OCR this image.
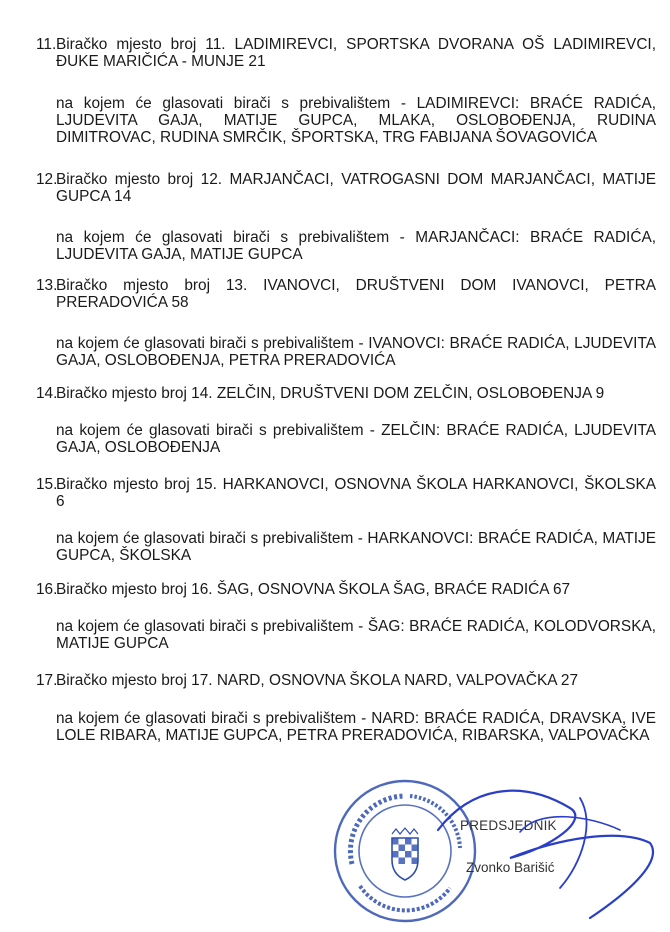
11.Biračko mjesto broj 11. LADIMIREVCI, SPORTSKA DVORANA OŠ LADIMIREVCI, ĐUKE MARIČIĆA - MUNJE 21

na kojem će glasovati birači s prebivalištem - LADIMIREVCI: BRAĆE RADIĆA, LJUDEVITA GAJA, MATIJE GUPCA, MLAKA, OSLOBOĐENJA, RUDINA DIMITROVAC, RUDINA SMRČIK, ŠPORTSKA, TRG FABIJANA ŠOVAGOVIĆA

12.Biračko mjesto broj 12. MARJANČACI, VATROGASNI DOM MARJANČACI, MATIJE GUPCA 14

na kojem će glasovati birači s prebivalištem - MARJANČACI: BRAĆE RADIĆA, LJUDEVITA GAJA, MATIJE GUPCA

13.Biračko mjesto broj 13. IVANOVCI, DRUŠTVENI DOM IVANOVCI, PETRA PRERADOVIĆA 58

na kojem će glasovati birači s prebivalištem - IVANOVCI: BRAĆE RADIĆA, LJUDEVITA GAJA, OSLOBOĐENJA, PETRA PRERADOVIĆA

14.Biračko mjesto broj 14. ZELČIN, DRUŠTVENI DOM ZELČIN, OSLOBOĐENJA 9

na kojem će glasovati birači s prebivalištem - ZELČIN: BRAĆE RADIĆA, LJUDEVITA GAJA, OSLOBOĐENJA

15.Biračko mjesto broj 15. HARKANOVCI, OSNOVNA ŠKOLA HARKANOVCI, ŠKOLSKA 6

na kojem će glasovati birači s prebivalištem - HARKANOVCI: BRAĆE RADIĆA, MATIJE GUPCA, ŠKOLSKA

16.Biračko mjesto broj 16. ŠAG, OSNOVNA ŠKOLA ŠAG, BRAĆE RADIĆA 67

na kojem će glasovati birači s prebivalištem - ŠAG: BRAĆE RADIĆA, KOLODVORSKA, MATIJE GUPCA

17.Biračko mjesto broj 17. NARD, OSNOVNA ŠKOLA NARD, VALPOVAČKA 27

na kojem će glasovati birači s prebivalištem - NARD: BRAĆE RADIĆA, DRAVSKA, IVE LOLE RIBARA, MATIJE GUPCA, PETRA PRERADOVIĆA, RIBARSKA, VALPOVAČKA

PREDSJEDNIK
Zvonko Barišić
